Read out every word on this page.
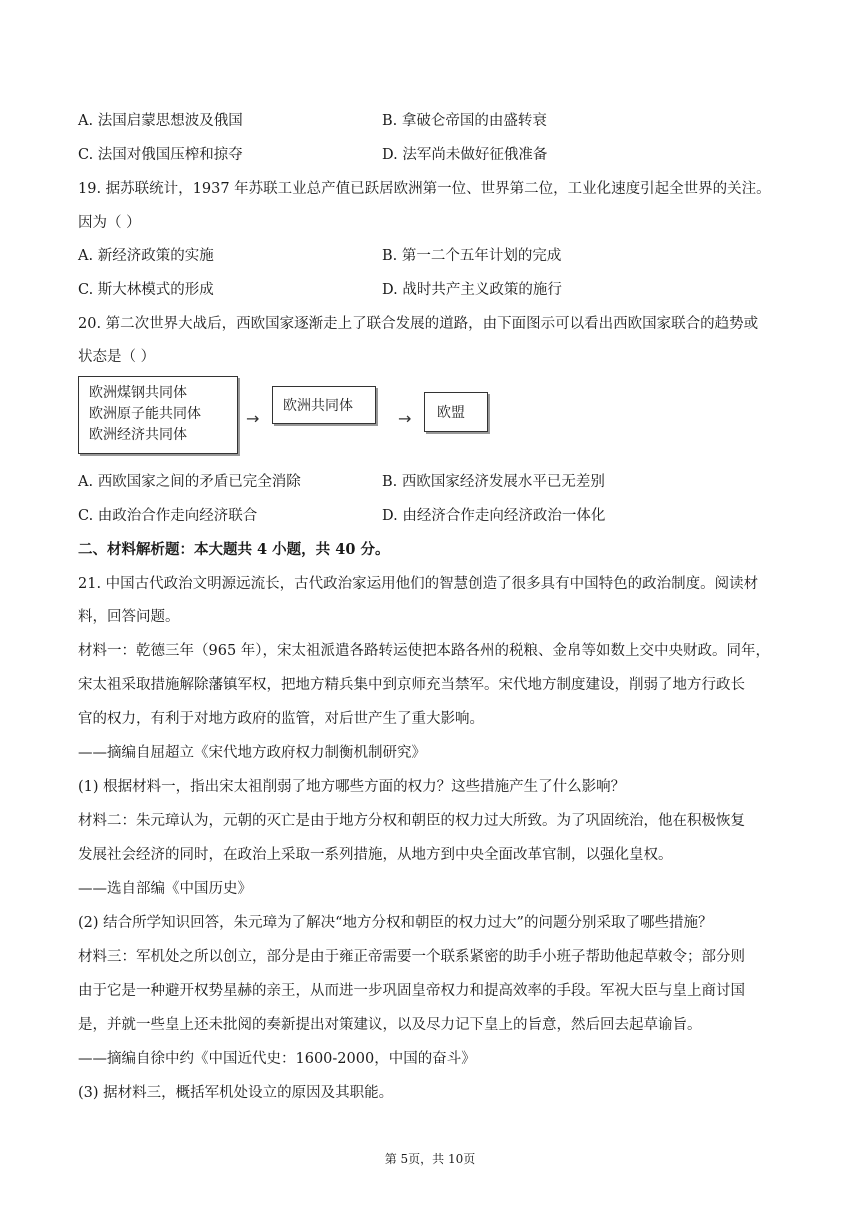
A. 法国启蒙思想波及俄国	B. 拿破仑帝国的由盛转衰
C. 法国对俄国压榨和掠夺	D. 法军尚未做好征俄准备
19. 据苏联统计，1937 年苏联工业总产值已跃居欧洲第一位、世界第二位，工业化速度引起全世界的关注。
因为（ ）
A. 新经济政策的实施	B. 第一二个五年计划的完成
C. 斯大林模式的形成	D. 战时共产主义政策的施行
20. 第二次世界大战后，西欧国家逐渐走上了联合发展的道路，由下面图示可以看出西欧国家联合的趋势或
状态是（ ）
欧洲煤钢共同体
欧洲原子能共同体
欧洲经济共同体
→
欧洲共同体
→	欧盟
A. 西欧国家之间的矛盾已完全消除	B. 西欧国家经济发展水平已无差别
C. 由政治合作走向经济联合	D. 由经济合作走向经济政治一体化
二、材料解析题：本大题共 4 小题，共 40 分。
21. 中国古代政治文明源远流长，古代政治家运用他们的智慧创造了很多具有中国特色的政治制度。阅读材
料，回答问题。
材料一：乾德三年（965 年），宋太祖派遣各路转运使把本路各州的税粮、金帛等如数上交中央财政。同年，
宋太祖采取措施解除藩镇军权，把地方精兵集中到京师充当禁军。宋代地方制度建设，削弱了地方行政长
官的权力，有利于对地方政府的监管，对后世产生了重大影响。
——摘编自屈超立《宋代地方政府权力制衡机制研究》
(1) 根据材料一，指出宋太祖削弱了地方哪些方面的权力？这些措施产生了什么影响？
材料二：朱元璋认为，元朝的灭亡是由于地方分权和朝臣的权力过大所致。为了巩固统治，他在积极恢复
发展社会经济的同时，在政治上采取一系列措施，从地方到中央全面改革官制，以强化皇权。
——选自部编《中国历史》
(2) 结合所学知识回答，朱元璋为了解决“地方分权和朝臣的权力过大”的问题分别采取了哪些措施？
材料三：军机处之所以创立，部分是由于雍正帝需要一个联系紧密的助手小班子帮助他起草敕令；部分则
由于它是一种避开权势星赫的亲王，从而进一步巩固皇帝权力和提高效率的手段。军祝大臣与皇上商讨国
是，并就一些皇上还未批阅的奏新提出对策建议，以及尽力记下皇上的旨意，然后回去起草谕旨。
——摘编自徐中约《中国近代史：1600-2000，中国的奋斗》
(3) 据材料三，概括军机处设立的原因及其职能。
第 5页，共 10页
